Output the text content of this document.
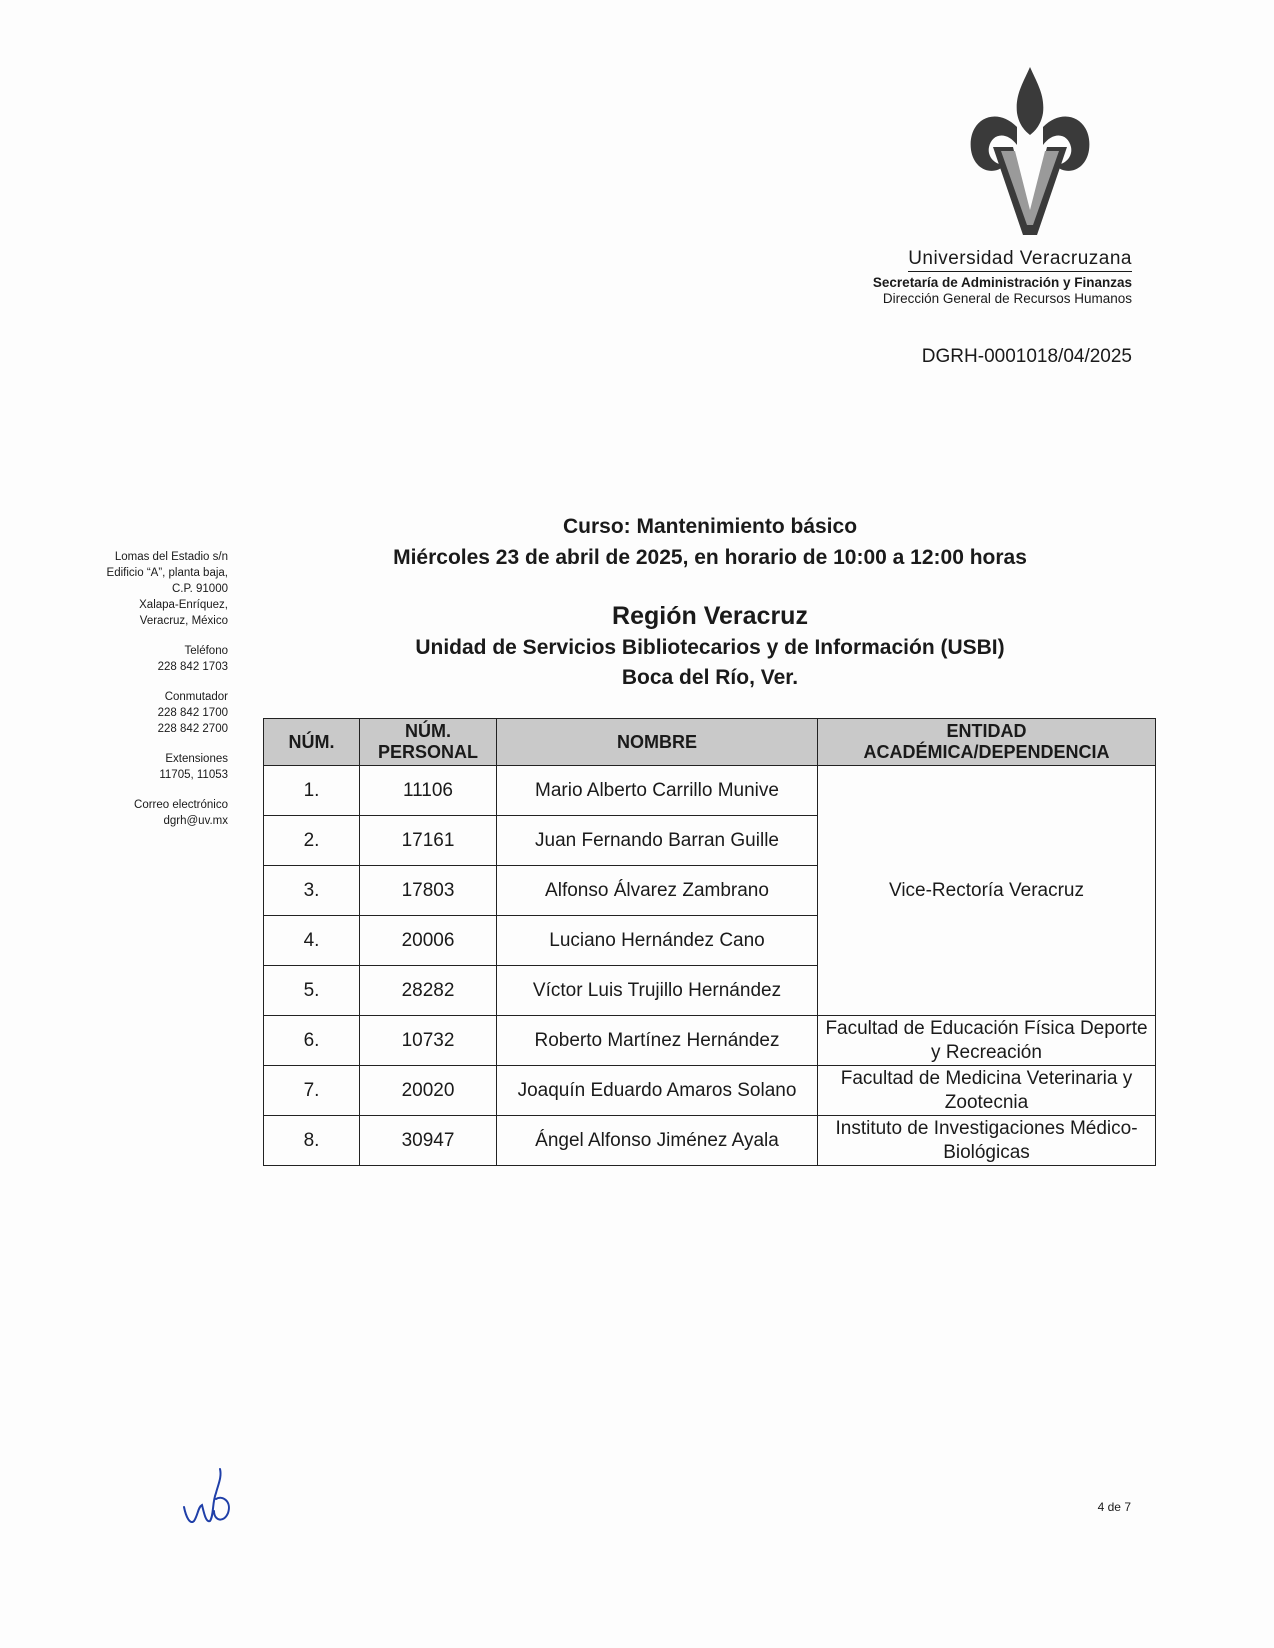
Universidad Veracruzana
Secretaría de Administración y Finanzas
Dirección General de Recursos Humanos
DGRH-0001018/04/2025
Lomas del Estadio s/n
Edificio “A”, planta baja,
C.P. 91000
Xalapa-Enríquez,
Veracruz, México
Teléfono
228 842 1703
Conmutador
228 842 1700
228 842 2700
Extensiones
11705, 11053
Correo electrónico
dgrh@uv.mx
Curso: Mantenimiento básico
Miércoles 23 de abril de 2025, en horario de 10:00 a 12:00 horas
Región Veracruz
Unidad de Servicios Bibliotecarios y de Información (USBI)
Boca del Río, Ver.
NÚM.	NÚM. PERSONAL	NOMBRE	ENTIDAD ACADÉMICA/DEPENDENCIA
1.	11106	Mario Alberto Carrillo Munive	Vice-Rectoría Veracruz
2.	17161	Juan Fernando Barran Guille	
3.	17803	Alfonso Álvarez Zambrano	
4.	20006	Luciano Hernández Cano	
5.	28282	Víctor Luis Trujillo Hernández	
6.	10732	Roberto Martínez Hernández	Facultad de Educación Física Deporte y Recreación
7.	20020	Joaquín Eduardo Amaros Solano	Facultad de Medicina Veterinaria y Zootecnia
8.	30947	Ángel Alfonso Jiménez Ayala	Instituto de Investigaciones Médico-Biológicas
4 de 7
